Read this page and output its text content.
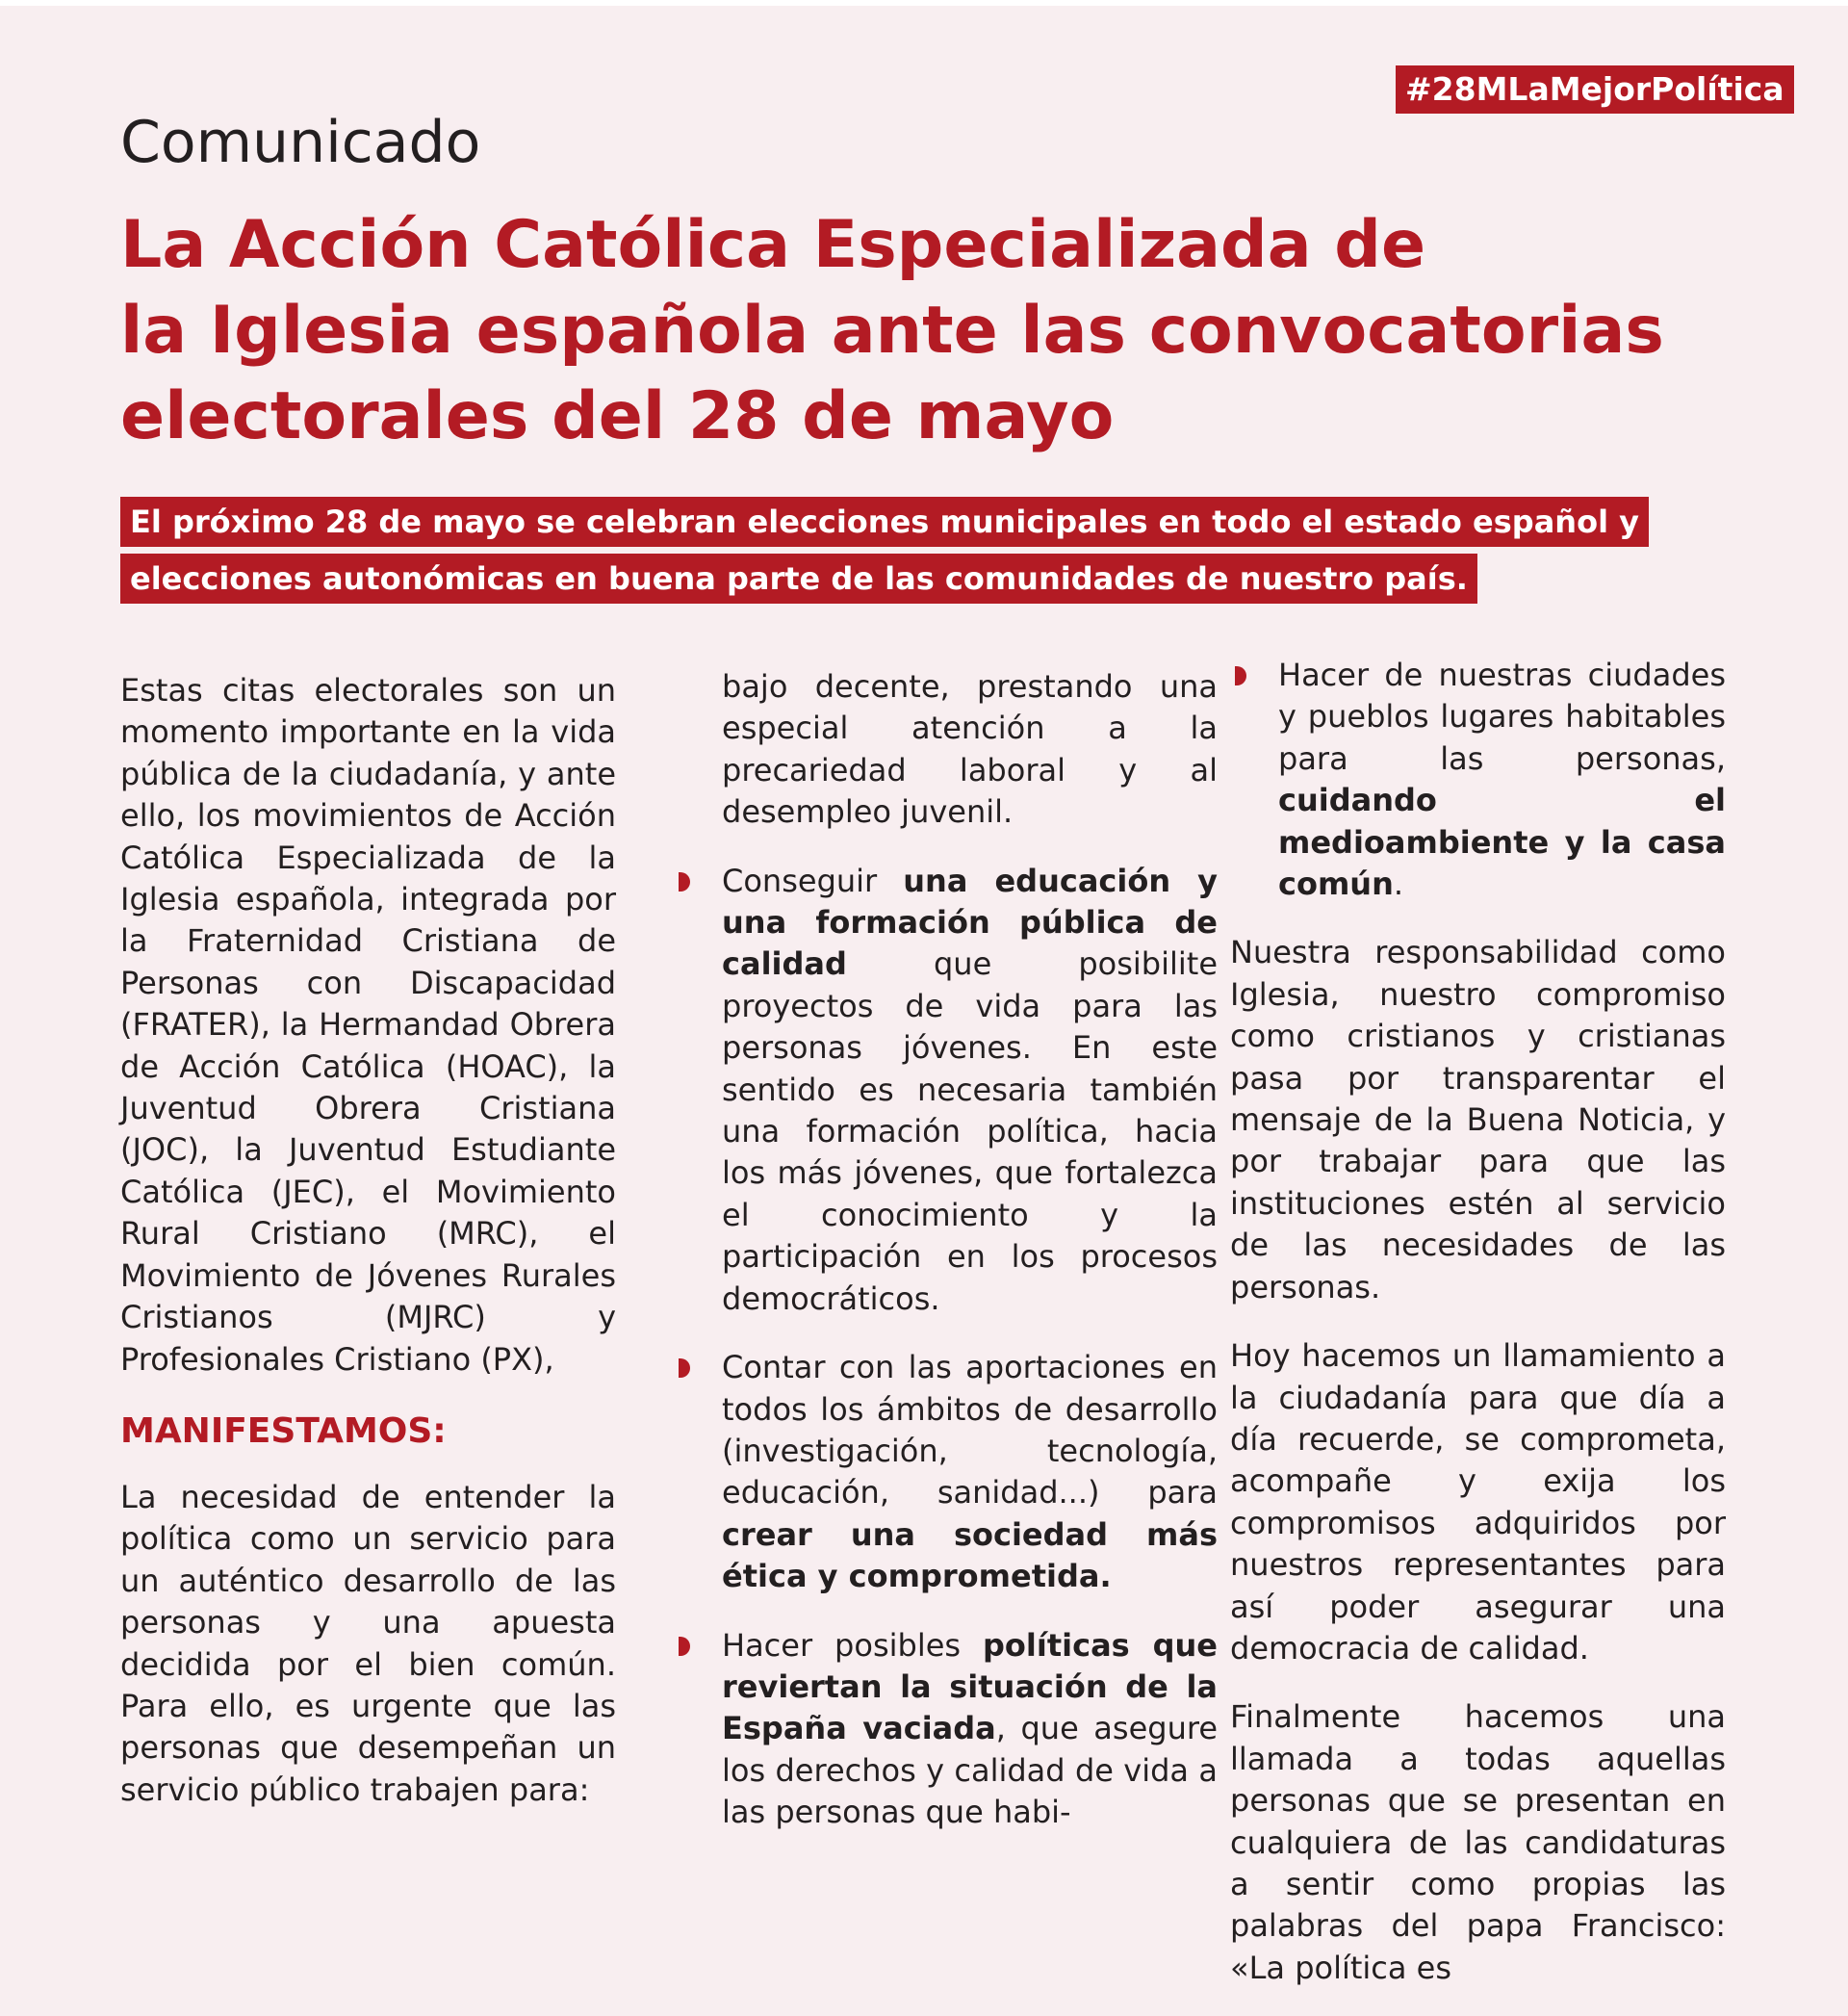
#28MLaMejorPolítica
Comunicado
La Acción Católica Especializada de
la Iglesia española ante las convocatorias
electorales del 28 de mayo
El próximo 28 de mayo se celebran elecciones municipales en todo el estado español y
elecciones autonómicas en buena parte de las comunidades de nuestro país.

Estas citas electorales son un momento importante en la vida pública de la ciudadanía, y ante ello, los movimientos de Acción Católica Especializada de la Iglesia española, integrada por la Fraternidad Cristiana de Personas con Discapacidad (FRATER), la Hermandad Obrera de Acción Católica (HOAC), la Juventud Obrera Cristiana (JOC), la Juventud Estudiante Católica (JEC), el Movimiento Rural Cristiano (MRC), el Movimiento de Jóvenes Rurales Cristianos (MJRC) y Profesionales Cristiano (PX),

MANIFESTAMOS:

La necesidad de entender la política como un servicio para un auténtico desarrollo de las personas y una apuesta decidida por el bien común. Para ello, es urgente que las personas que desempeñan un servicio público trabajen para:

bajo decente, prestando una especial atención a la precariedad laboral y al desempleo juvenil.

Conseguir una educación y una formación pública de calidad que posibilite proyectos de vida para las personas jóvenes. En este sentido es necesaria también una formación política, hacia los más jóvenes, que fortalezca el conocimiento y la participación en los procesos democráticos.
Contar con las aportaciones en todos los ámbitos de desarrollo (investigación, tecnología, educación, sanidad...) para crear una sociedad más ética y comprometida.
Hacer posibles políticas que reviertan la situación de la España vaciada, que asegure los derechos y calidad de vida a las personas que habi-
Hacer de nuestras ciudades y pueblos lugares habitables para las personas, cuidando el medioambiente y la casa común.

Nuestra responsabilidad como Iglesia, nuestro compromiso como cristianos y cristianas pasa por transparentar el mensaje de la Buena Noticia, y por trabajar para que las instituciones estén al servicio de las necesidades de las personas.

Hoy hacemos un llamamiento a la ciudadanía para que día a día recuerde, se comprometa, acompañe y exija los compromisos adquiridos por nuestros representantes para así poder asegurar una democracia de calidad.

Finalmente hacemos una llamada a todas aquellas personas que se presentan en cualquiera de las candidaturas a sentir como propias las palabras del papa Francisco: «La política es
